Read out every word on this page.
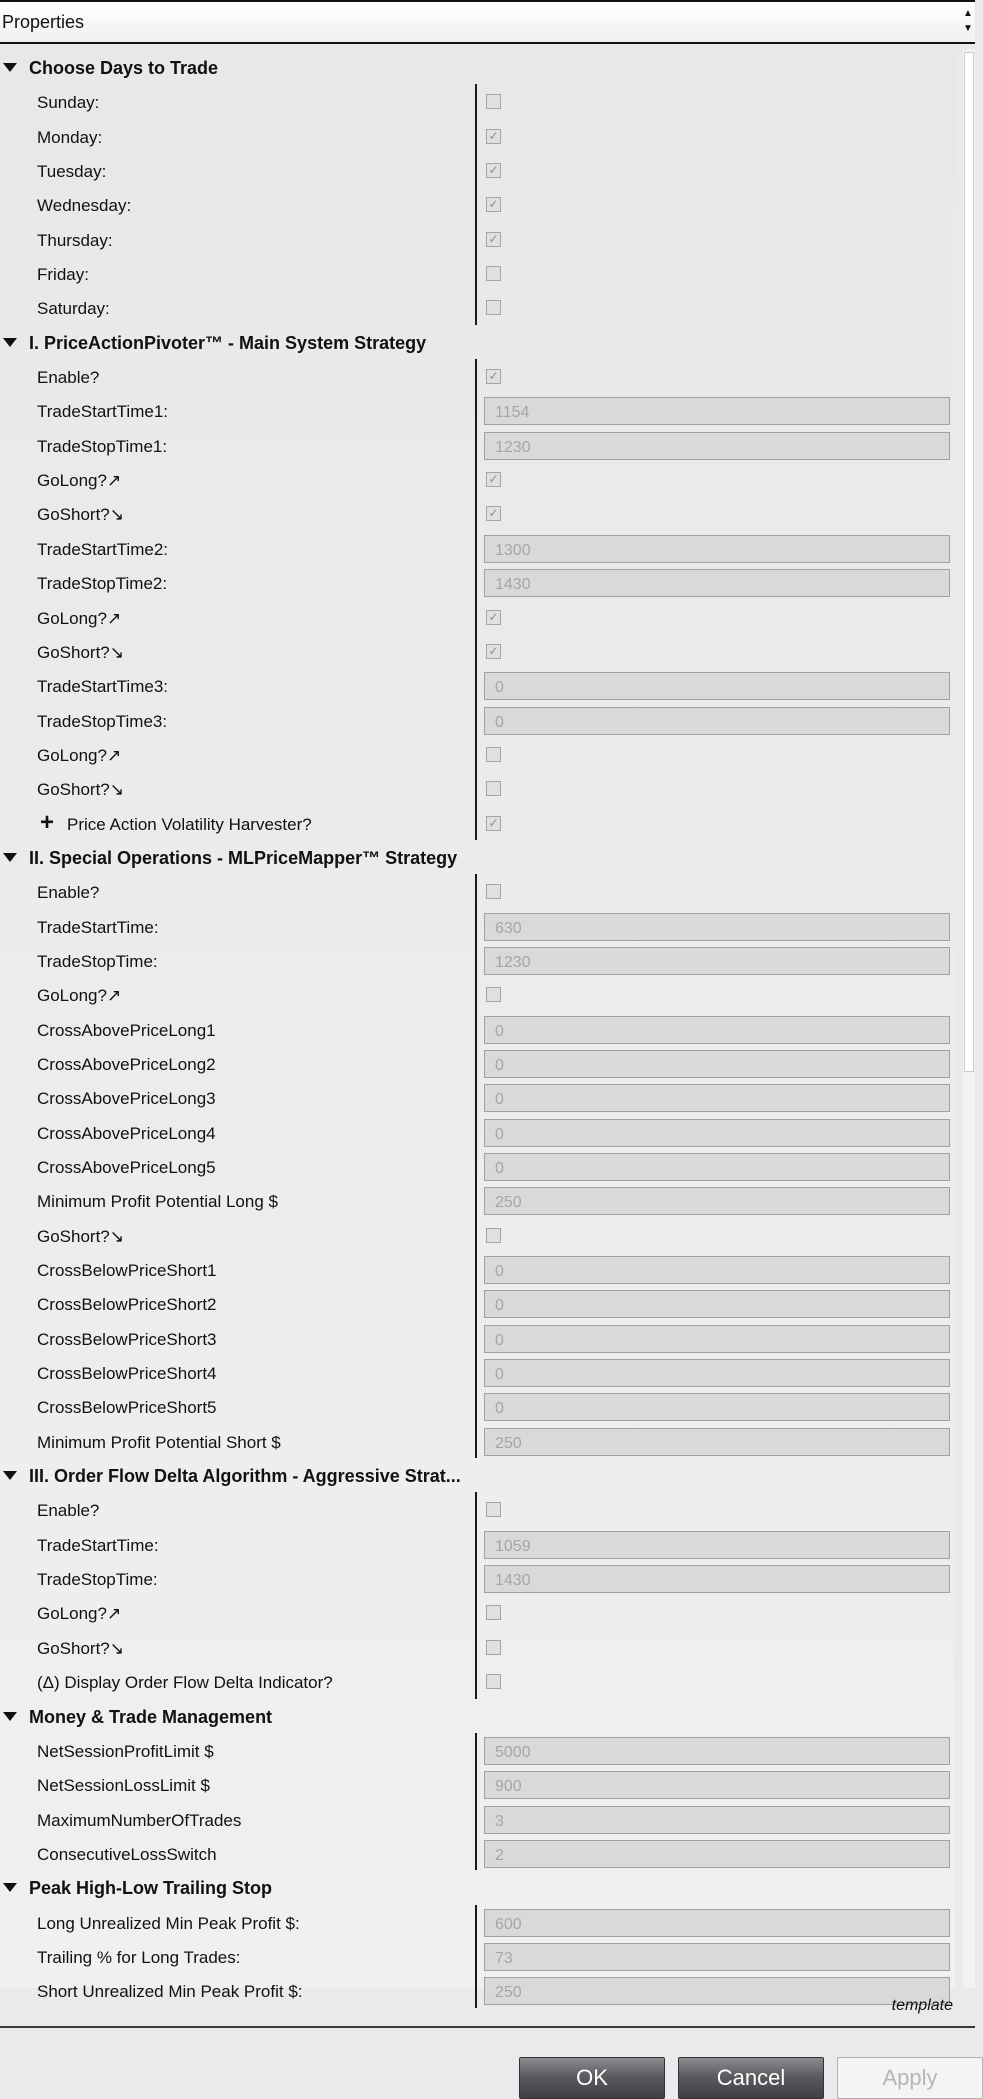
Properties	▲
▼
Choose Days to Trade
Sunday:
Monday:	✓
Tuesday:	✓
Wednesday:	✓
Thursday:	✓
Friday:
Saturday:
I. PriceActionPivoter™ - Main System Strategy
Enable?	✓
TradeStartTime1:	1154
TradeStopTime1:	1230
GoLong?↗	✓
GoShort?↘	✓
TradeStartTime2:	1300
TradeStopTime2:	1430
GoLong?↗	✓
GoShort?↘	✓
TradeStartTime3:	0
TradeStopTime3:	0
GoLong?↗
GoShort?↘
+ Price Action Volatility Harvester?	✓
II. Special Operations - MLPriceMapper™ Strategy
Enable?
TradeStartTime:	630
TradeStopTime:	1230
GoLong?↗
CrossAbovePriceLong1	0
CrossAbovePriceLong2	0
CrossAbovePriceLong3	0
CrossAbovePriceLong4	0
CrossAbovePriceLong5	0
Minimum Profit Potential Long $	250
GoShort?↘
CrossBelowPriceShort1	0
CrossBelowPriceShort2	0
CrossBelowPriceShort3	0
CrossBelowPriceShort4	0
CrossBelowPriceShort5	0
Minimum Profit Potential Short $	250
III. Order Flow Delta Algorithm - Aggressive Strat...
Enable?
TradeStartTime:	1059
TradeStopTime:	1430
GoLong?↗
GoShort?↘
(Δ) Display Order Flow Delta Indicator?
Money & Trade Management
NetSessionProfitLimit $	5000
NetSessionLossLimit $	900
MaximumNumberOfTrades	3
ConsecutiveLossSwitch	2
Peak High-Low Trailing Stop
Long Unrealized Min Peak Profit $:	600
Trailing % for Long Trades:	73
Short Unrealized Min Peak Profit $:	250
template
OK	Cancel	Apply
